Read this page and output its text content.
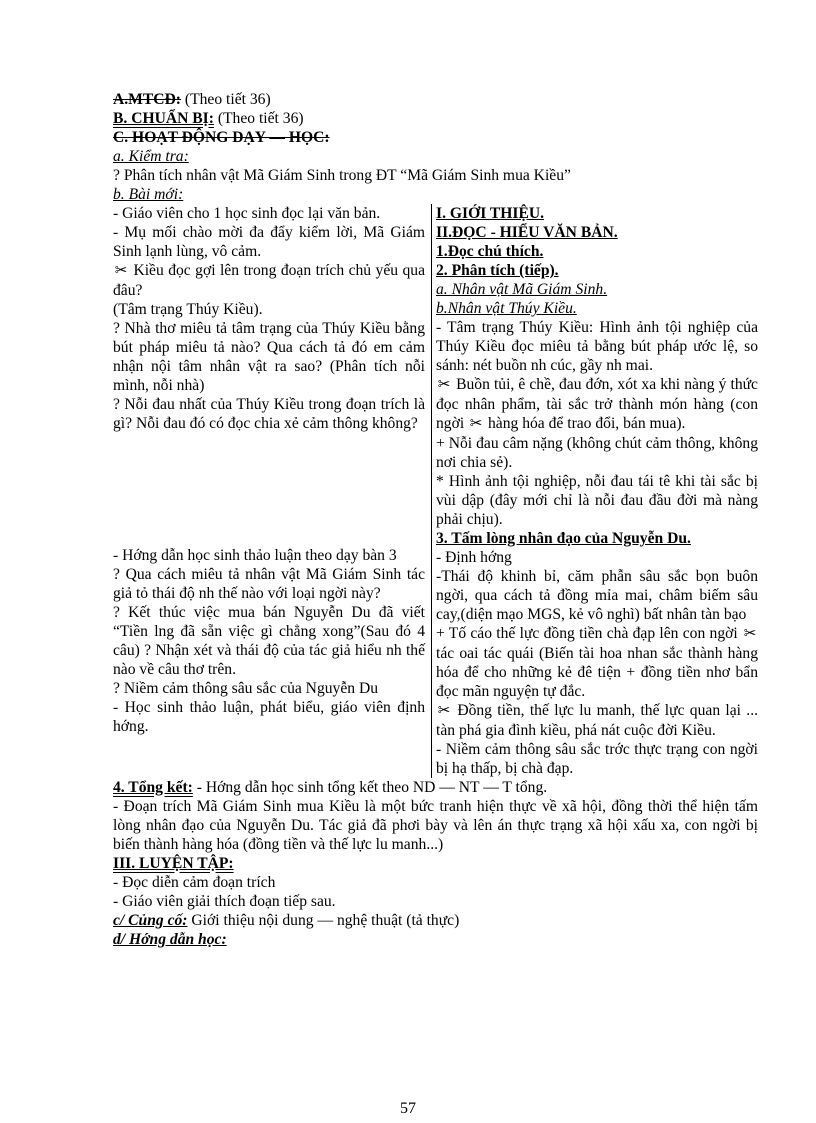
A.MTCĐ: (Theo tiết 36)
B. CHUẨN BỊ: (Theo tiết 36)
C. HOẠT ĐỘNG DẠY — HỌC:
a. Kiểm tra:
? Phân tích nhân vật Mã Giám Sinh trong ĐT “Mã Giám Sinh mua Kiều”
b. Bài mới:

- Giáo viên cho 1 học sinh đọc lại văn bản.

- Mụ mối chào mời đa đẩy kiểm lời, Mã Giám Sinh lạnh lùng, vô cảm.

✂ Kiều đọc gợi lên trong đoạn trích chủ yếu qua đâu?

(Tâm trạng Thúy Kiều).

? Nhà thơ miêu tả tâm trạng của Thúy Kiều bằng bút pháp miêu tả nào? Qua cách tả đó em cảm nhận nội tâm nhân vật ra sao? (Phân tích nỗi mình, nỗi nhà)

? Nỗi đau nhất của Thúy Kiều trong đoạn trích là gì? Nỗi đau đó có đọc chia xẻ cảm thông không?

- Hớng dẫn học sinh thảo luận theo dạy bàn 3

? Qua cách miêu tả nhân vật Mã Giám Sinh tác giả tỏ thái độ nh thế nào với loại ngời này?

? Kết thúc việc mua bán Nguyễn Du đã viết “Tiền lng đã sẵn việc gì chẳng xong”(Sau đó 4 câu) ? Nhận xét và thái độ của tác giả hiểu nh thế nào về câu thơ trên.

? Niềm cảm thông sâu sắc của Nguyễn Du

- Học sinh thảo luận, phát biểu, giáo viên định hớng.

I. GIỚI THIỆU.
II.ĐỌC - HIỂU VĂN BẢN.
1.Đọc chú thích.
2. Phân tích (tiếp).
a. Nhân vật Mã Giám Sinh.
b.Nhân vật Thúy Kiều.

- Tâm trạng Thúy Kiều: Hình ảnh tội nghiệp của Thúy Kiều đọc miêu tả bằng bút pháp ước lệ, so sánh: nét buồn nh cúc, gầy nh mai.

✂ Buồn tủi, ê chề, đau đớn, xót xa khi nàng ý thức đọc nhân phẩm, tài sắc trở thành món hàng (con ngời ✂ hàng hóa để trao đổi, bán mua).

+ Nỗi đau câm nặng (không chút cảm thông, không nơi chia sẻ).

* Hình ảnh tội nghiệp, nỗi đau tái tê khi tài sắc bị vùi dập (đây mới chỉ là nỗi đau đầu đời mà nàng phải chịu).

3. Tấm lòng nhân đạo của Nguyễn Du.

- Định hớng

-Thái độ khinh bỉ, căm phẫn sâu sắc bọn buôn ngời, qua cách tả đồng mỉa mai, châm biếm sâu cay,(diện mạo MGS, kẻ vô nghì) bất nhân tàn bạo

+ Tố cáo thế lực đồng tiền chà đạp lên con ngời ✂ tác oai tác quái (Biến tài hoa nhan sắc thành hàng hóa để cho những kẻ đê tiện + đồng tiền nhơ bẩn đọc mãn nguyện tự đắc.

✂ Đồng tiền, thế lực lu manh, thế lực quan lại ... tàn phá gia đình kiều, phá nát cuộc đời Kiều.

- Niềm cảm thông sâu sắc trớc thực trạng con ngời bị hạ thấp, bị chà đạp.

4. Tổng kết: - Hớng dẫn học sinh tổng kết theo ND — NT — T tổng.

- Đoạn trích Mã Giám Sinh mua Kiều là một bức tranh hiện thực về xã hội, đồng thời thể hiện tấm lòng nhân đạo của Nguyễn Du. Tác giả đã phơi bày và lên án thực trạng xã hội xấu xa, con ngời bị biến thành hàng hóa (đồng tiền và thế lực lu manh...)

III. LUYỆN TẬP:
- Đọc diễn cảm đoạn trích
- Giáo viên giải thích đoạn tiếp sau.
c/ Củng cố: Giới thiệu nội dung — nghệ thuật (tả thực)
d/ Hớng dẫn học:
57
